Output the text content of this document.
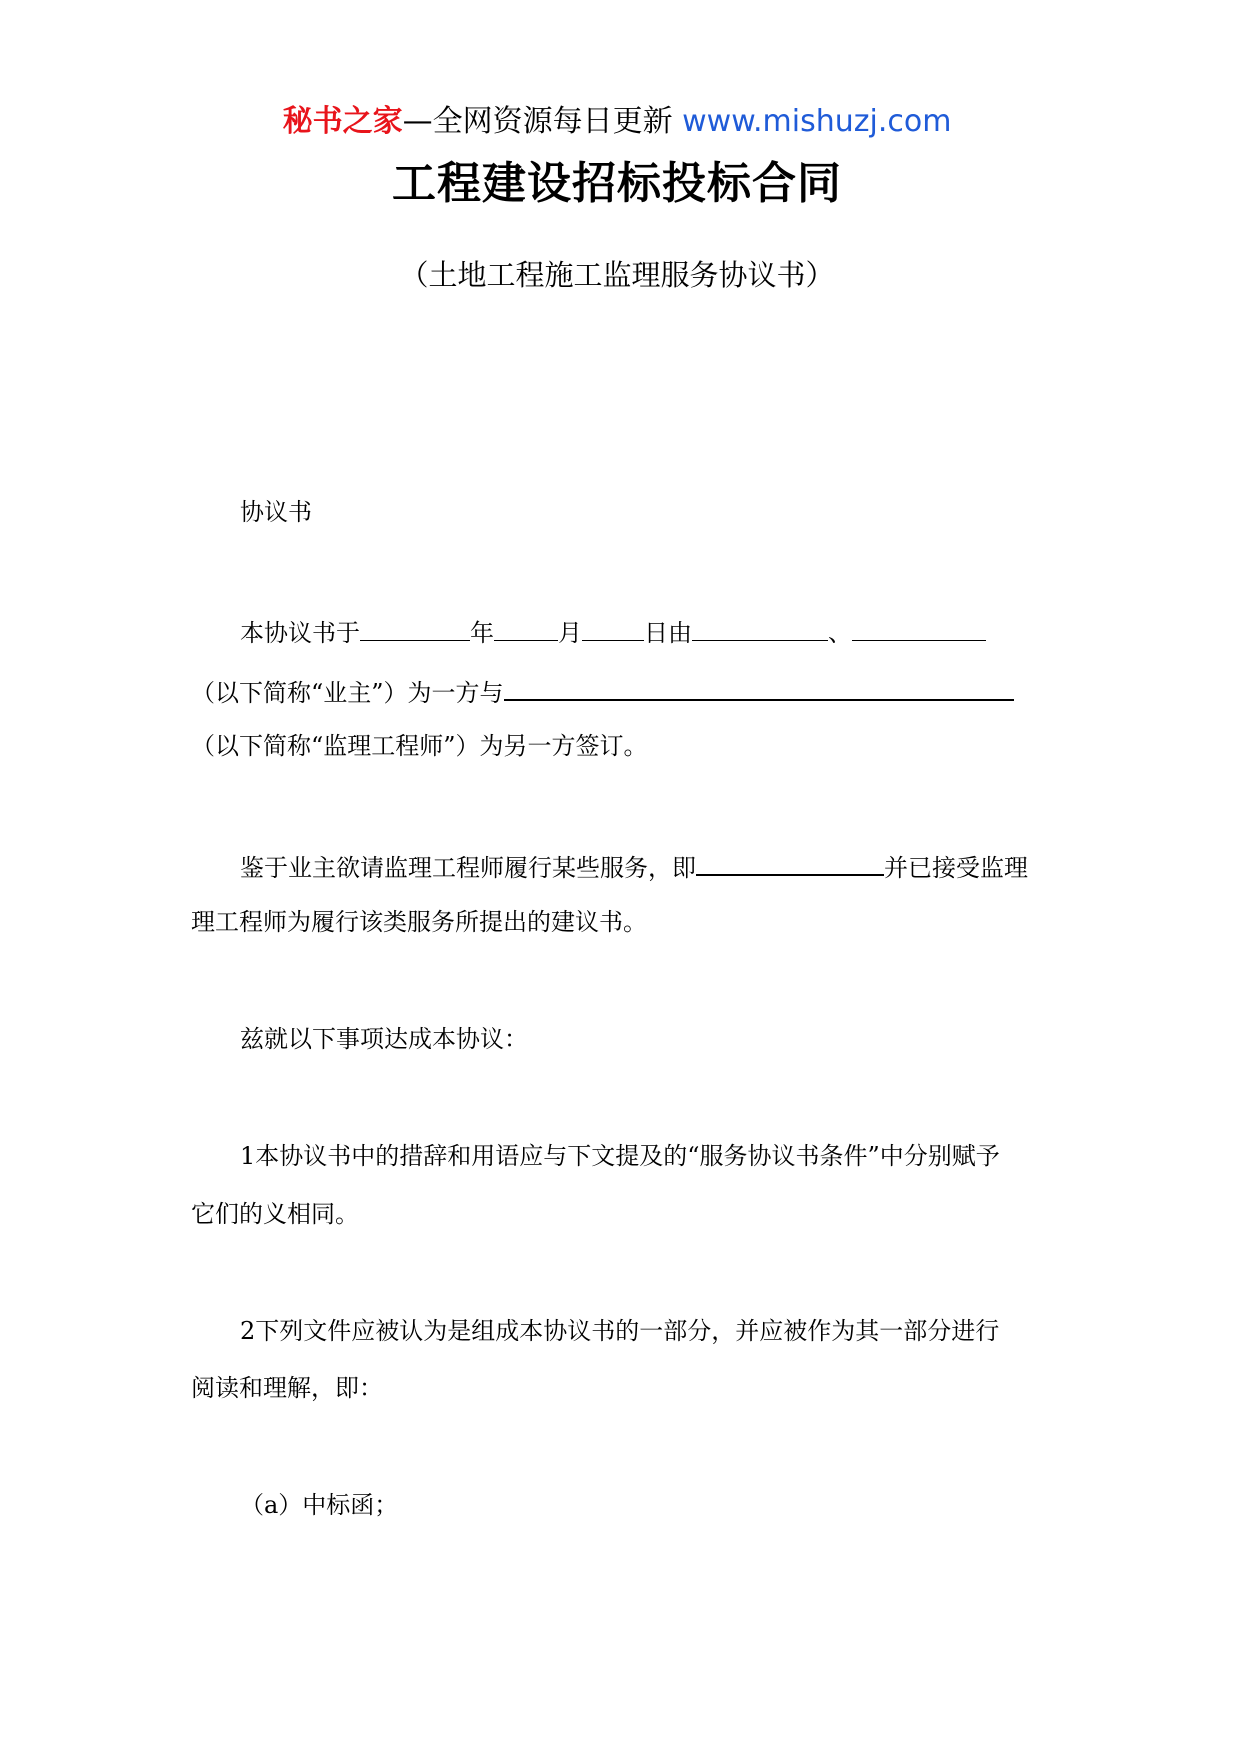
秘书之家—全网资源每日更新 www.mishuzj.com
工程建设招标投标合同
（土地工程施工监理服务协议书）
协议书
本协议书于	年	月	日由	、
（以下简称“业主”）为一方与
（以下简称“监理工程师”）为另一方签订。
鉴于业主欲请监理工程师履行某些服务，即	并已接受监理
理工程师为履行该类服务所提出的建议书。
兹就以下事项达成本协议：
1本协议书中的措辞和用语应与下文提及的“服务协议书条件”中分别赋予
它们的义相同。
2下列文件应被认为是组成本协议书的一部分，并应被作为其一部分进行
阅读和理解，即：
（a）中标函；
